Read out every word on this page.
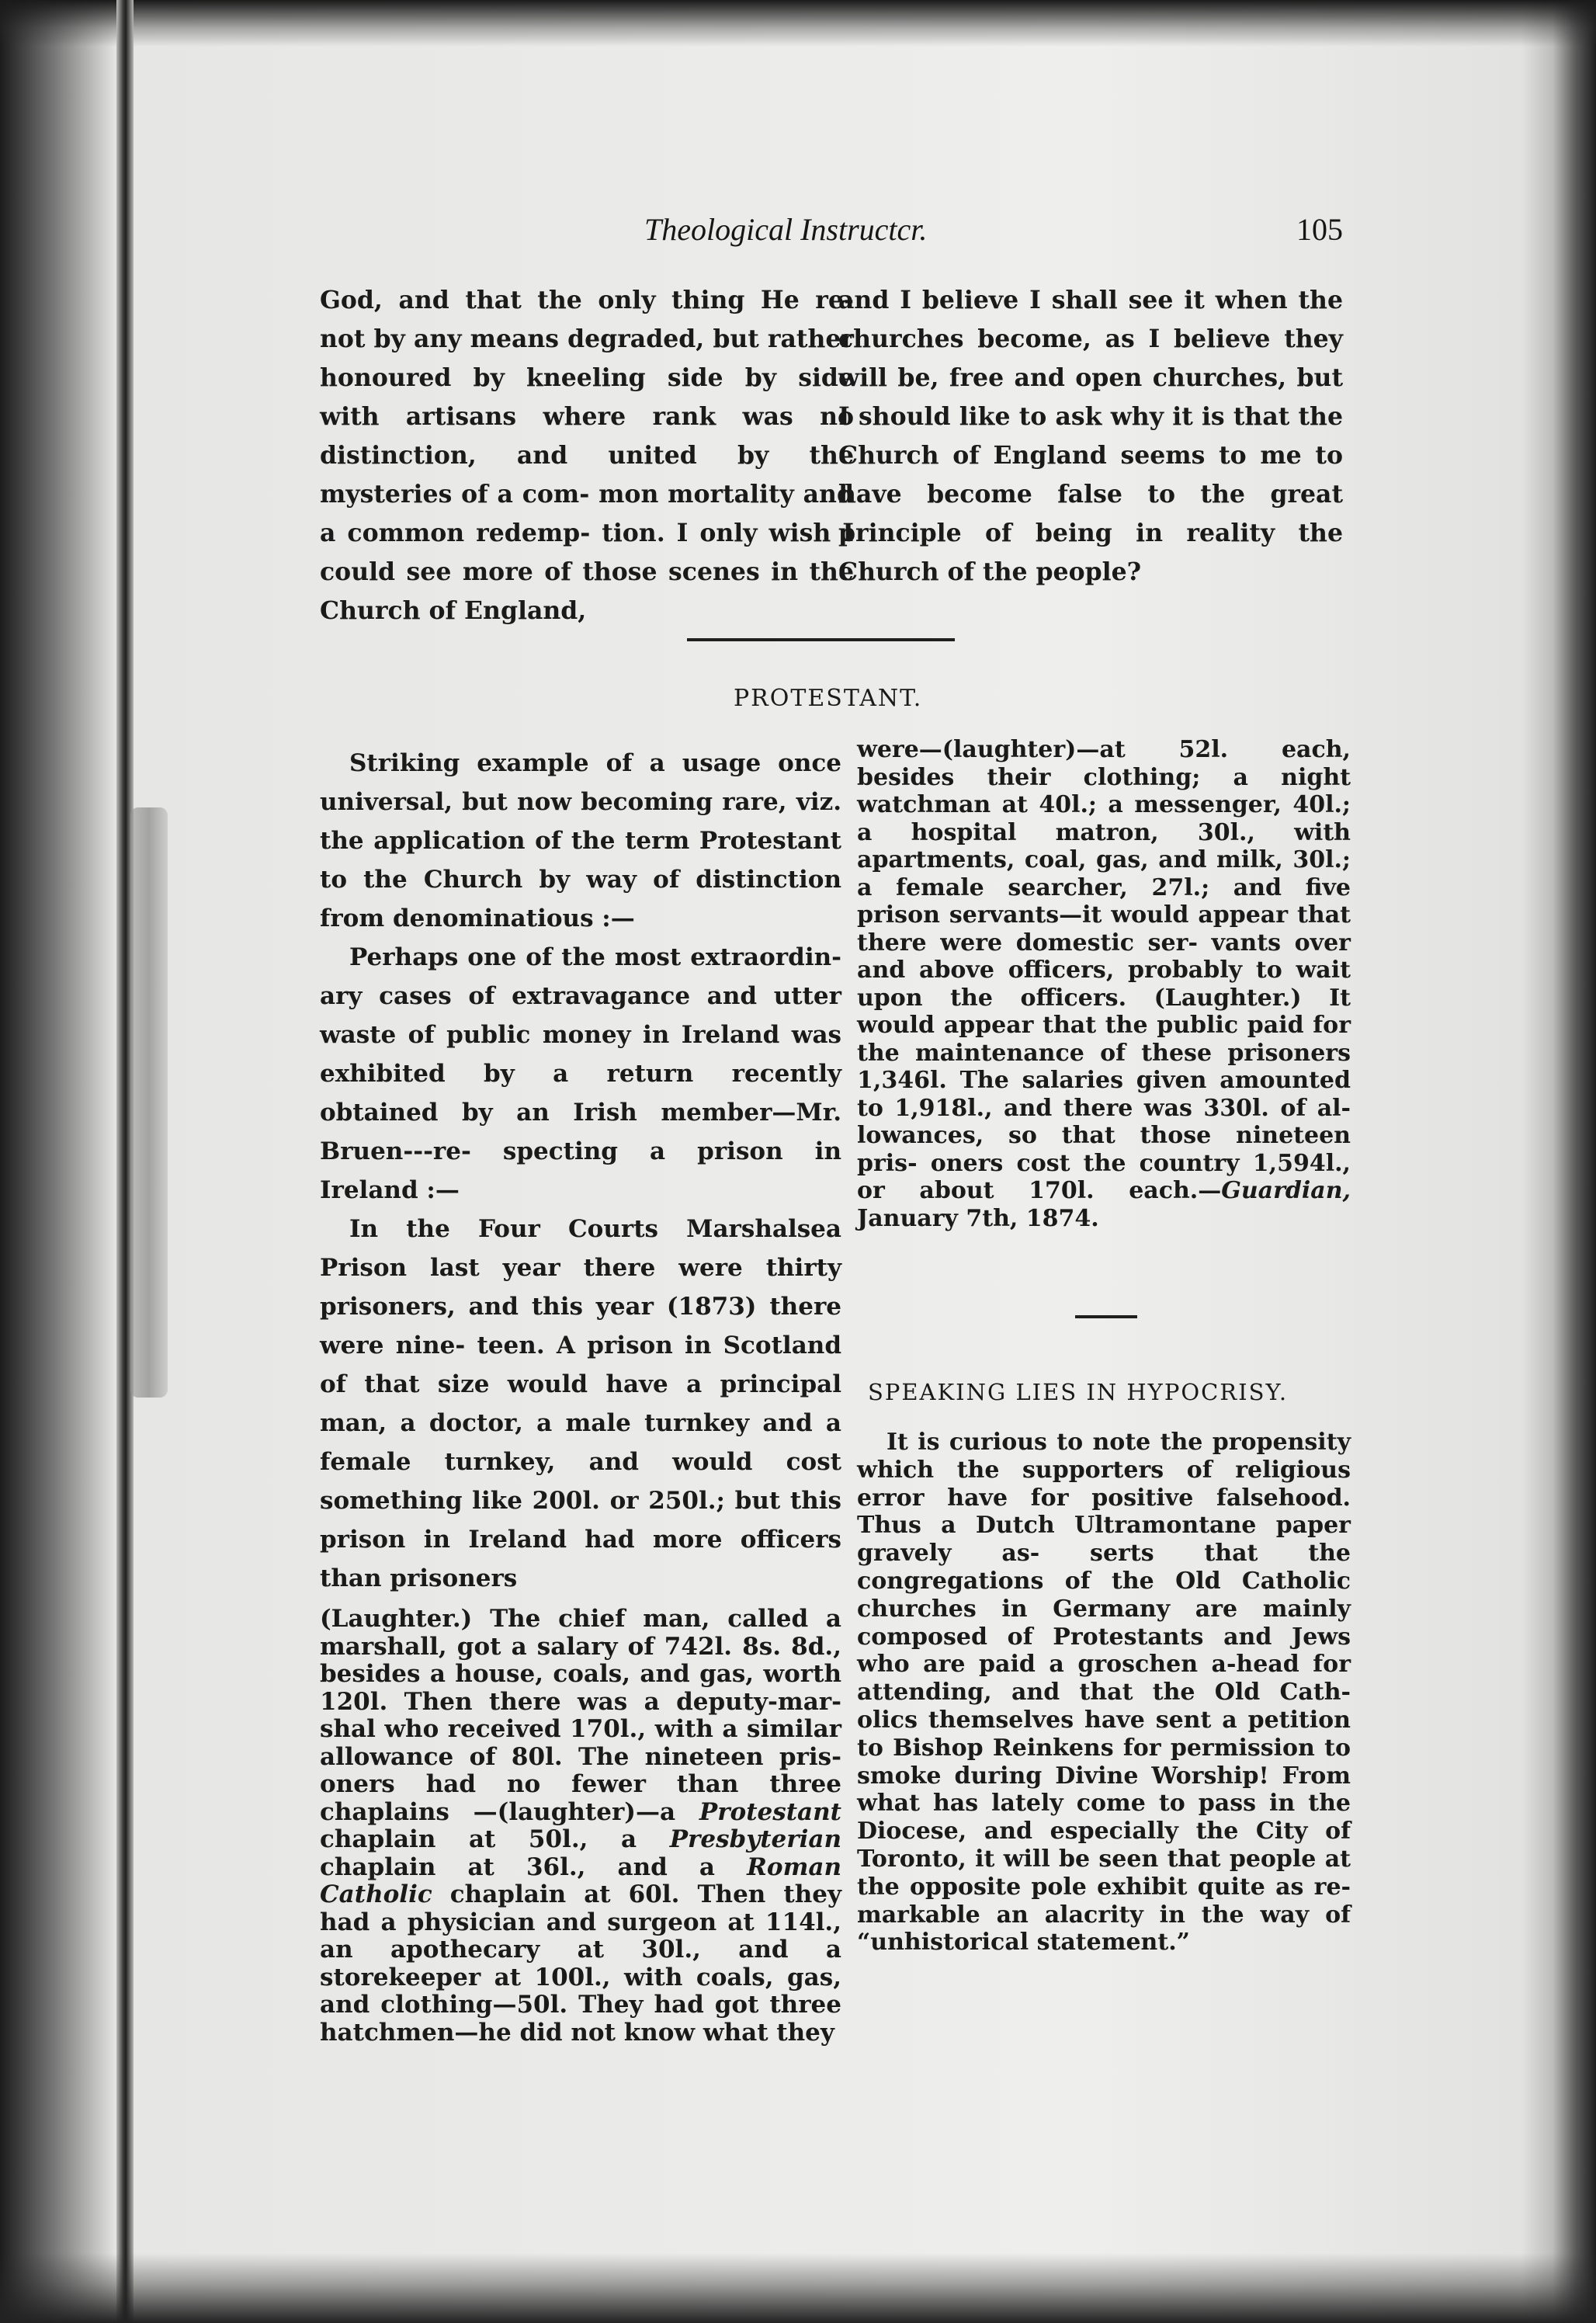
Theological Instructcr.	105

God, and that the only thing He re- not by any means degraded, but rather honoured by kneeling side by side with artisans where rank was no distinction, and united by the mysteries of a com- mon mortality and a common redemp- tion. I only wish I could see more of those scenes in the Church of England,

and I believe I shall see it when the churches become, as I believe they will be, free and open churches, but I should like to ask why it is that the Church of England seems to me to have become false to the great principle of being in reality the Church of the people?

PROTESTANT.

Striking example of a usage once universal, but now becoming rare, viz. the application of the term Protestant to the Church by way of distinction from denominatious :—

Perhaps one of the most extraordin- ary cases of extravagance and utter waste of public money in Ireland was exhibited by a return recently obtained by an Irish member—Mr. Bruen---re- specting a prison in Ireland :—

In the Four Courts Marshalsea Prison last year there were thirty prisoners, and this year (1873) there were nine- teen. A prison in Scotland of that size would have a principal man, a doctor, a male turnkey and a female turnkey, and would cost something like 200l. or 250l.; but this prison in Ireland had more officers than prisoners

(Laughter.) The chief man, called a marshall, got a salary of 742l. 8s. 8d., besides a house, coals, and gas, worth 120l. Then there was a deputy-mar- shal who received 170l., with a similar allowance of 80l. The nineteen pris- oners had no fewer than three chaplains —(laughter)—a Protestant chaplain at 50l., a Presbyterian chaplain at 36l., and a Roman Catholic chaplain at 60l. Then they had a physician and surgeon at 114l., an apothecary at 30l., and a storekeeper at 100l., with coals, gas, and clothing—50l. They had got three hatchmen—he did not know what they

were—(laughter)—at 52l. each, besides their clothing; a night watchman at 40l.; a messenger, 40l.; a hospital matron, 30l., with apartments, coal, gas, and milk, 30l.; a female searcher, 27l.; and five prison servants—it would appear that there were domestic ser- vants over and above officers, probably to wait upon the officers. (Laughter.) It would appear that the public paid for the maintenance of these prisoners 1,346l. The salaries given amounted to 1,918l., and there was 330l. of al- lowances, so that those nineteen pris- oners cost the country 1,594l., or about 170l. each.—Guardian, January 7th, 1874.

SPEAKING LIES IN HYPOCRISY.

It is curious to note the propensity which the supporters of religious error have for positive falsehood. Thus a Dutch Ultramontane paper gravely as- serts that the congregations of the Old Catholic churches in Germany are mainly composed of Protestants and Jews who are paid a groschen a-head for attending, and that the Old Cath- olics themselves have sent a petition to Bishop Reinkens for permission to smoke during Divine Worship! From what has lately come to pass in the Diocese, and especially the City of Toronto, it will be seen that people at the opposite pole exhibit quite as re- markable an alacrity in the way of “unhistorical statement.”
